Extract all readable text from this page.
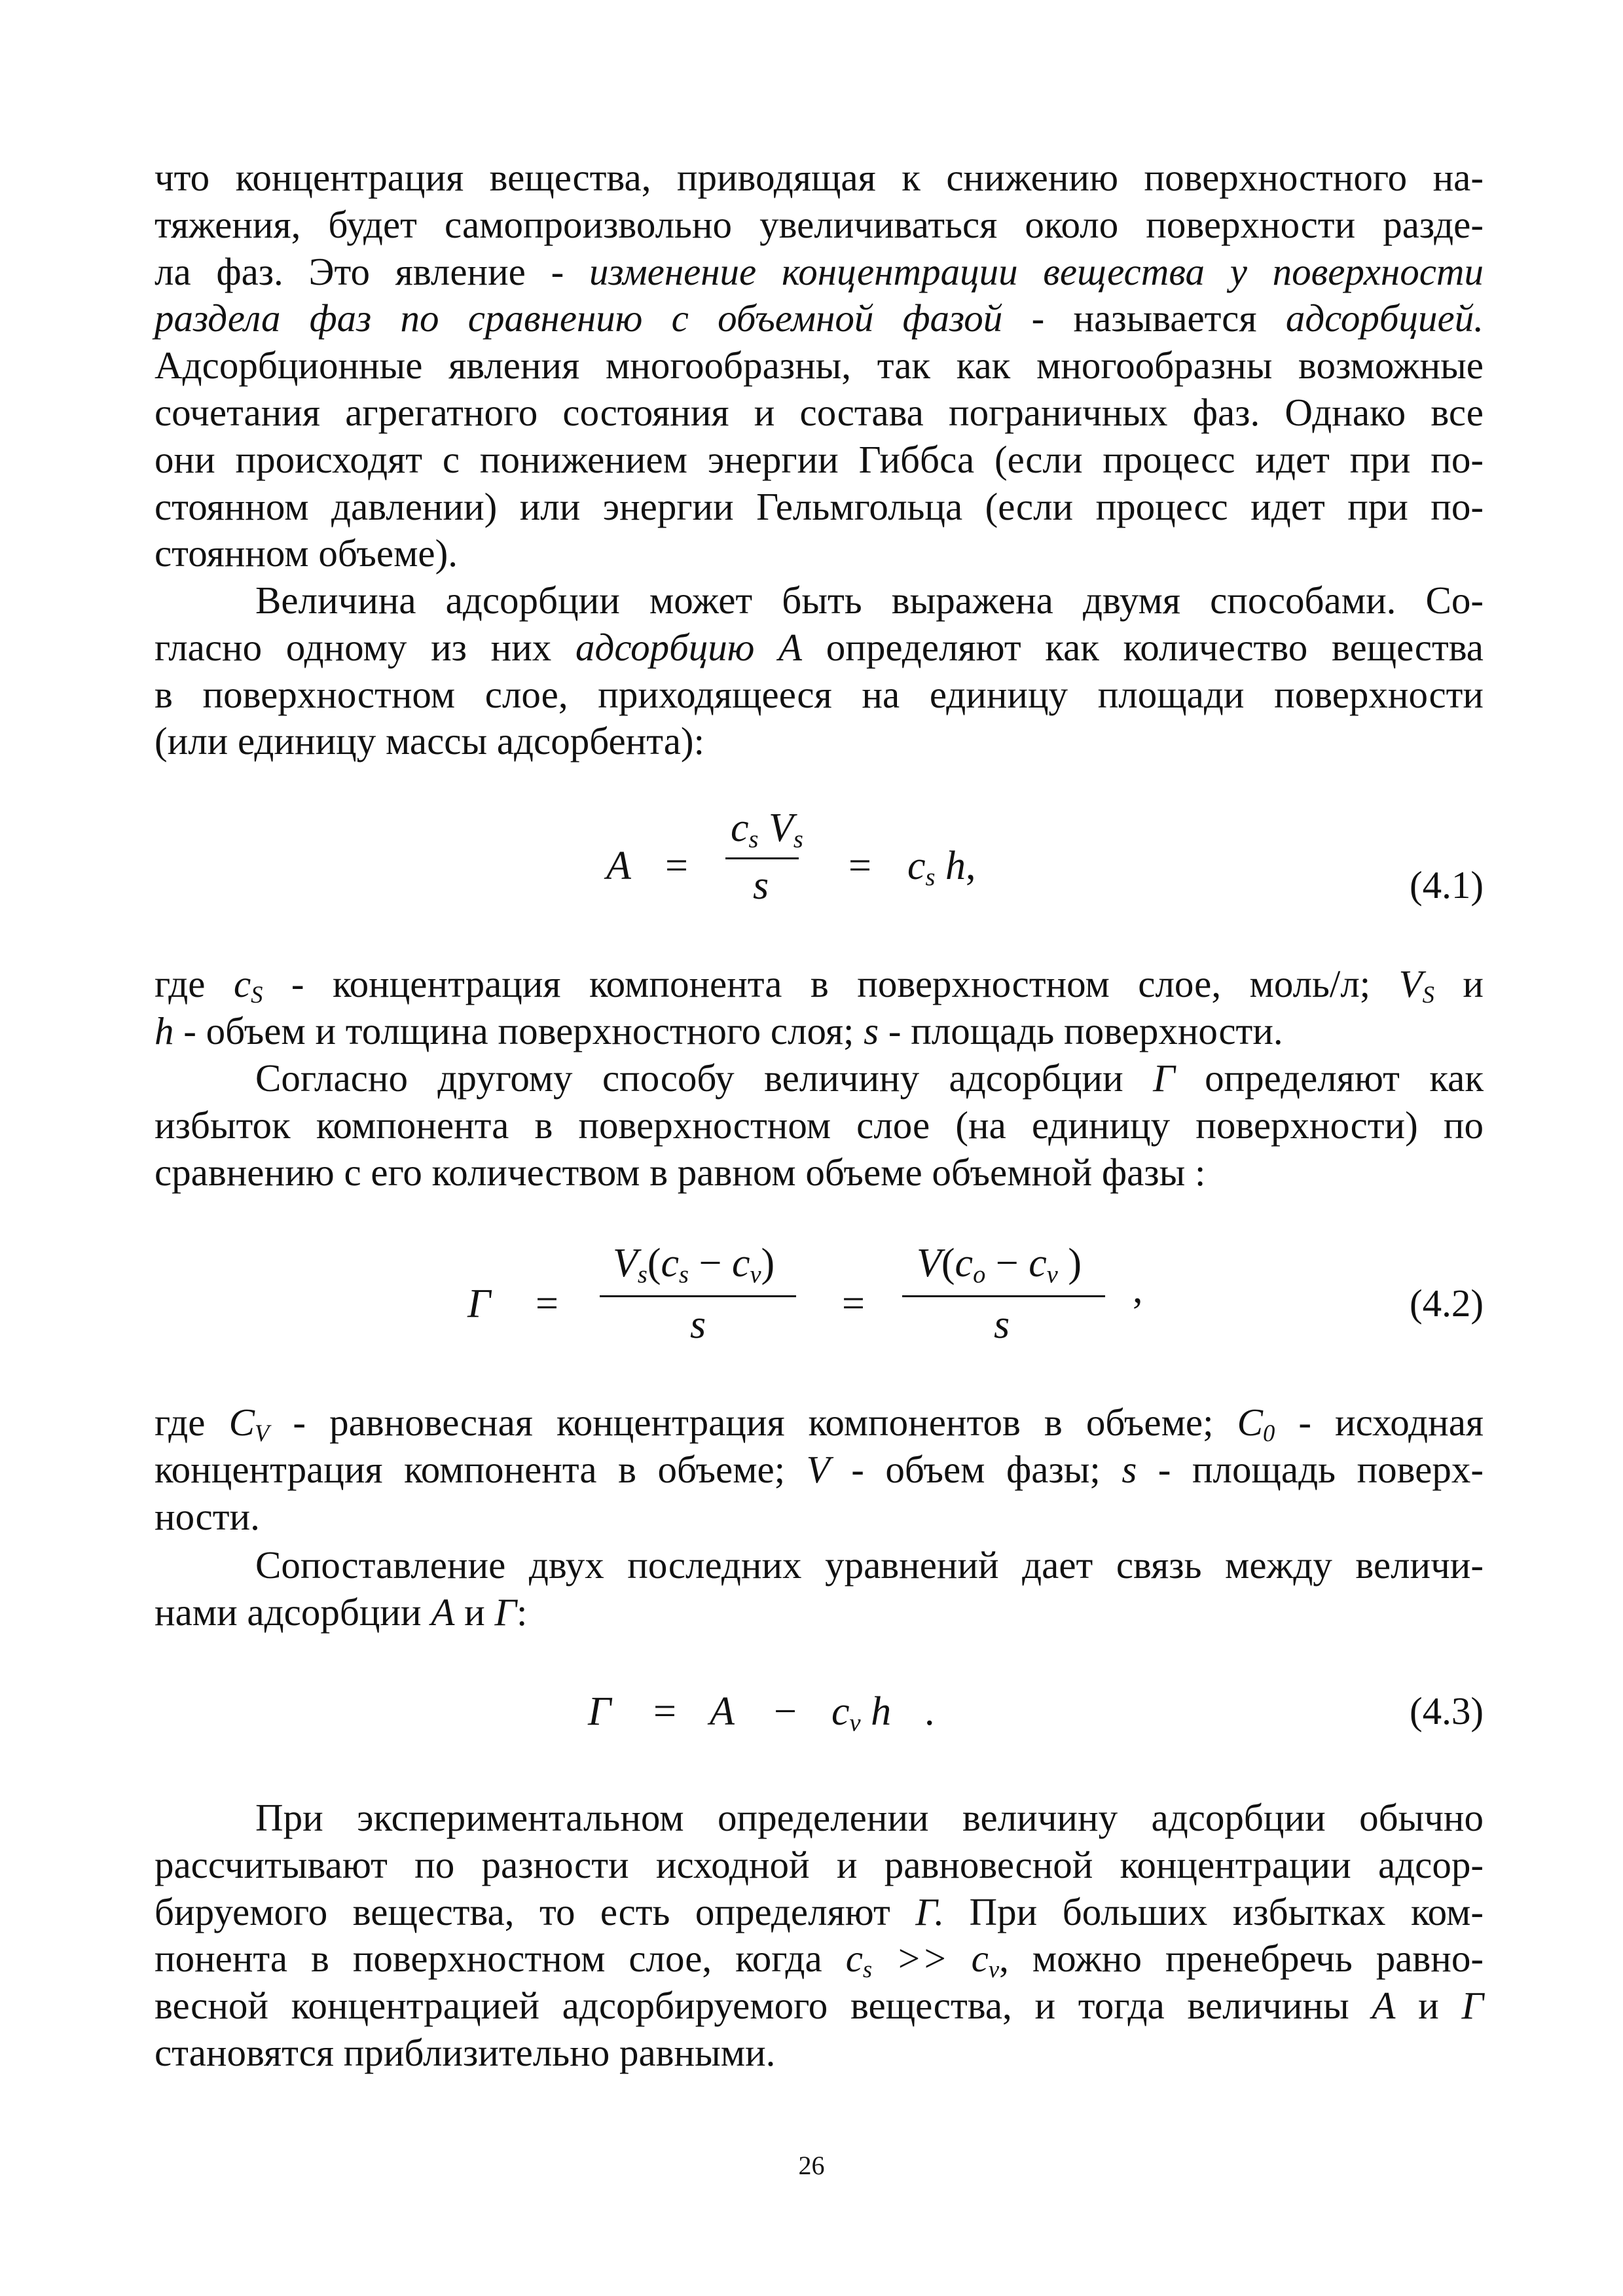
что концентрация вещества, приводящая к снижению поверхностного на-
тяжения, будет самопроизвольно увеличиваться около поверхности разде-
ла фаз. Это явление - изменение концентрации вещества у поверхности
раздела фаз по сравнению с объемной фазой - называется адсорбцией.
Адсорбционные явления многообразны, так как многообразны возможные
сочетания агрегатного состояния и состава пограничных фаз. Однако все
они происходят с понижением энергии Гиббса (если процесс идет при по-
стоянном давлении) или энергии Гельмгольца (если процесс идет при по-
стоянном объеме).
Величина адсорбции может быть выражена двумя способами. Со-
гласно одному из них адсорбцию А определяют как количество вещества
в поверхностном слое, приходящееся на единицу площади поверхности
(или единицу массы адсорбента):
A =
$c_s$ $V_s$
$s = c_s$ h,	(4.1)
где $c_S$ - концентрация компонента в поверхностном слое, моль/л; $V_S$ и
h - объем и толщина поверхностного слоя; s - площадь поверхности.
Согласно другому способу величину адсорбции Г определяют как
избыток компонента в поверхностном слое (на единицу поверхности) по
сравнению с его количеством в равном объеме объемной фазы :
Г =
$V_s(c_s - c_v)$
s	=
$V(c_o - c_v$ )
s
,	(4.2)
где $C_V$ - равновесная концентрация компонентов в объеме; $C_0$ - исходная
концентрация компонента в объеме; V - объем фазы; s - площадь поверх-
ности.
Сопоставление двух последних уравнений дает связь между величи-
нами адсорбции А и Г:
$Г = A - c_v$ h .	(4.3)
При экспериментальном определении величину адсорбции обычно
рассчитывают по разности исходной и равновесной концентрации адсор-
бируемого вещества, то есть определяют Г. При больших избытках ком-
понента в поверхностном слое, когда $c_s >> c_v$, можно пренебречь равно-
весной концентрацией адсорбируемого вещества, и тогда величины А и Г
становятся приблизительно равными.
26
